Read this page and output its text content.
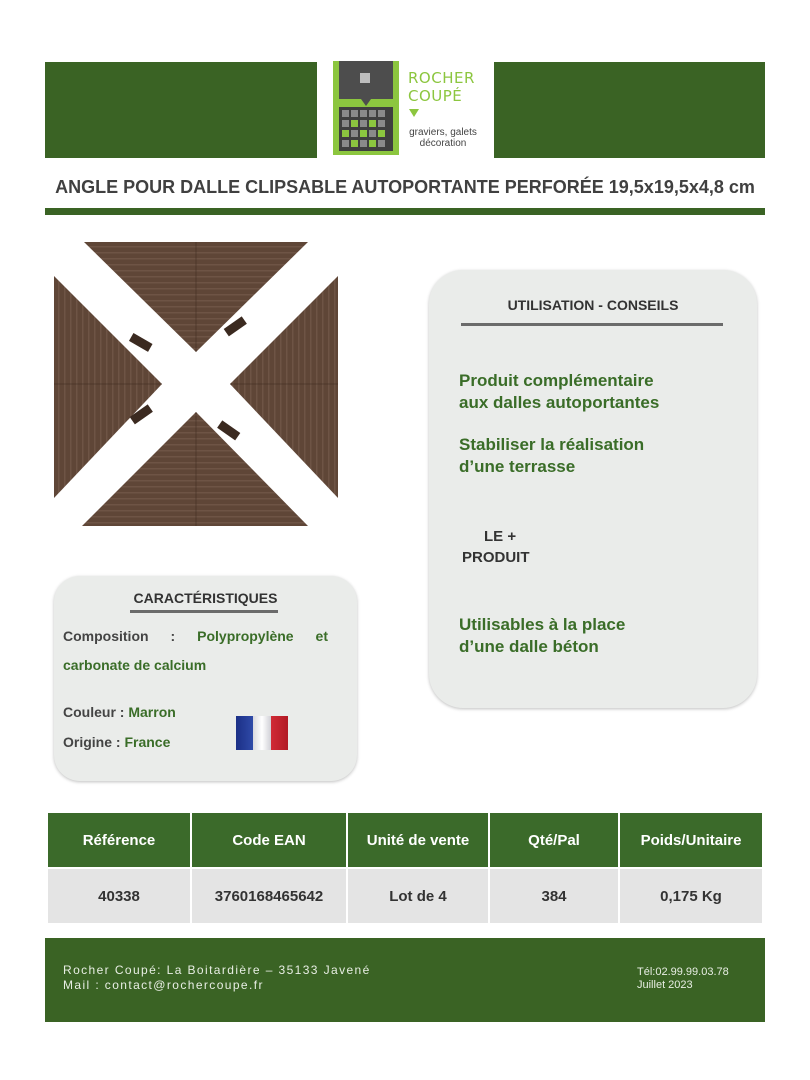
ROCHER
COUPÉ
graviers, galets
décoration
ANGLE POUR DALLE CLIPSABLE AUTOPORTANTE PERFORÉE 19,5x19,5x4,8 cm
UTILISATION - CONSEILS
Produit complémentaire
aux dalles autoportantes
Stabiliser la réalisation
d’une terrasse
LE +
PRODUIT
Utilisables à la place
d’une dalle béton
CARACTÉRISTIQUES
Composition : Polypropylène et
carbonate de calcium
Couleur : Marron
Origine : France
Référence	Code EAN	Unité de vente	Qté/Pal	Poids/Unitaire
40338	3760168465642	Lot de 4	384	0,175 Kg
Rocher Coupé: La Boitardière – 35133 Javené
Mail : contact@rochercoupe.fr
Tél:02.99.99.03.78
Juillet 2023
